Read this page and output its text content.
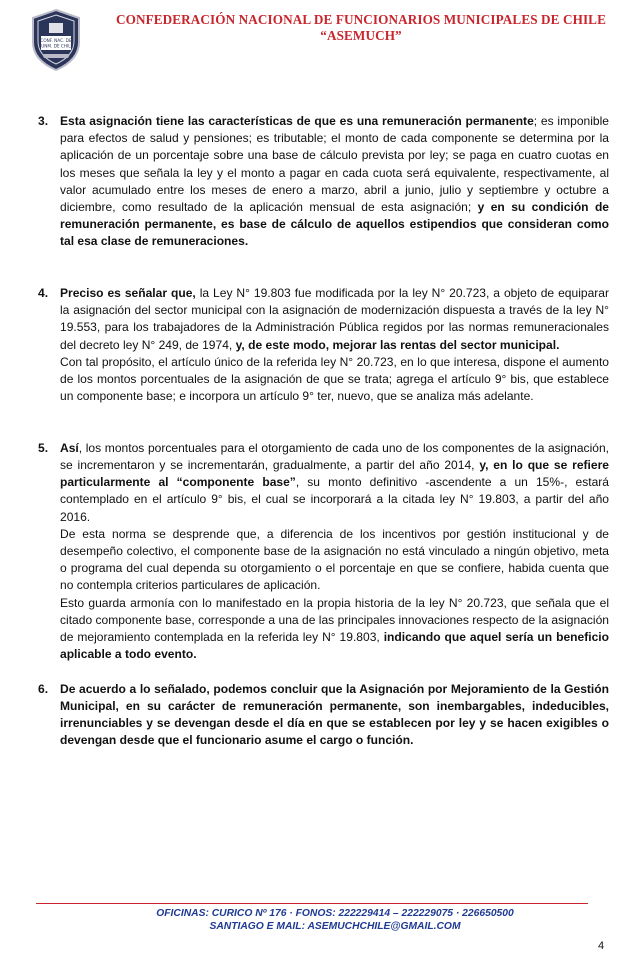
CONF. NAC. DE
FUNM. DE CHILE
CONFEDERACIÓN NACIONAL DE FUNCIONARIOS MUNICIPALES DE CHILE
“ASEMUCH”
3. Esta asignación tiene las características de que es una remuneración permanente; es imponible para efectos de salud y pensiones; es tributable; el monto de cada componente se determina por la aplicación de un porcentaje sobre una base de cálculo prevista por ley; se paga en cuatro cuotas en los meses que señala la ley y el monto a pagar en cada cuota será equivalente, respectivamente, al valor acumulado entre los meses de enero a marzo, abril a junio, julio y septiembre y octubre a diciembre, como resultado de la aplicación mensual de esta asignación; y en su condición de remuneración permanente, es base de cálculo de aquellos estipendios que consideran como tal esa clase de remuneraciones.

4. Preciso es señalar que, la Ley N° 19.803 fue modificada por la ley N° 20.723, a objeto de equiparar la asignación del sector municipal con la asignación de modernización dispuesta a través de la ley N° 19.553, para los trabajadores de la Administración Pública regidos por las normas remuneracionales del decreto ley N° 249, de 1974, y, de este modo, mejorar las rentas del sector municipal.

Con tal propósito, el artículo único de la referida ley N° 20.723, en lo que interesa, dispone el aumento de los montos porcentuales de la asignación de que se trata; agrega el artículo 9° bis, que establece un componente base; e incorpora un artículo 9° ter, nuevo, que se analiza más adelante.

5. Así, los montos porcentuales para el otorgamiento de cada uno de los componentes de la asignación, se incrementaron y se incrementarán, gradualmente, a partir del año 2014, y, en lo que se refiere particularmente al “componente base”, su monto definitivo -ascendente a un 15%-, estará contemplado en el artículo 9° bis, el cual se incorporará a la citada ley N° 19.803, a partir del año 2016.

De esta norma se desprende que, a diferencia de los incentivos por gestión institucional y de desempeño colectivo, el componente base de la asignación no está vinculado a ningún objetivo, meta o programa del cual dependa su otorgamiento o el porcentaje en que se confiere, habida cuenta que no contempla criterios particulares de aplicación.

Esto guarda armonía con lo manifestado en la propia historia de la ley N° 20.723, que señala que el citado componente base, corresponde a una de las principales innovaciones respecto de la asignación de mejoramiento contemplada en la referida ley N° 19.803, indicando que aquel sería un beneficio aplicable a todo evento.

6. De acuerdo a lo señalado, podemos concluir que la Asignación por Mejoramiento de la Gestión Municipal, en su carácter de remuneración permanente, son inembargables, indeducibles, irrenunciables y se devengan desde el día en que se establecen por ley y se hacen exigibles o devengan desde que el funcionario asume el cargo o función.

OFICINAS: CURICO Nº 176 · FONOS: 222229414 – 222229075 · 226650500
SANTIAGO E MAIL: ASEMUCHCHILE@GMAIL.COM
4
